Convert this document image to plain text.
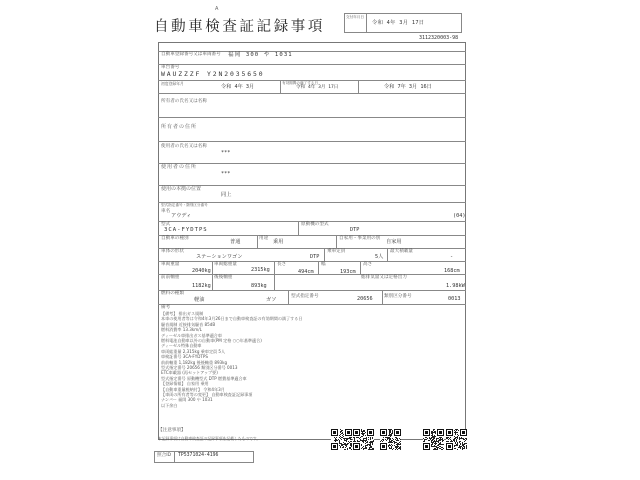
A
自動車検査証記録事項
交付年月日
令和 4年 3月 17日
3112320003-98
自動車登録番号又は車両番号 福岡 300 や 1031
車台番号
WAUZZZF Y2N2035650
初度登録年月
令和 4年 3月
有効期間の満了する日
令和 4年 3月 17日	令和 7年 3月 16日
所有者の氏名又は名称
所有者の住所
使用者の氏名又は名称
***
使用者の住所
***
使用の本拠の位置
同上
型式指定番号・類別区分番号
車名
アウディ	(04)
型式
3CA-FYDTPS
原動機の型式
DTP
自動車の種別
普通
用途
乗用
自家用・事業用の別
自家用
車体の形状
ステーションワゴン	DTP
乗車定員
5人
最大積載量
-
車両重量
2040kg
車両総重量
2315kg
長さ
494cm
幅
193cm
高さ
168cm
前前軸重
1182kg
後後軸重
893kg
総排気量又は定格出力
1.98kW
燃料の種類
軽油	ガソ
型式指定番号	20656 類別区分番号	0013
備考
【備考】 排出ガス規制
本車の使用者等は令和4年3月26日まで自動車検査証の有効期間の満了する日
騒音規制 近接排気騒音 85dB
燃料消費率 13.3km/L
ディーゼル車排出ガス基準適合車
燃料電池自動車以外の自動車(PM 定格 ○○年基準適合)
ディーゼル特殊自動車
車両総重量 2,315kg 乗車定員 5人
車検証番号 3CA-FYDTPS
前前軸重 1,182kg 後後軸重 893kg
型式指定番号 20656 類別区分番号 0013
ETC車載器 (再セットアップ要)
型式指定番号 原動機型式 DTP 燃費基準適合車
【登録情報】 自家用 乗用
【自動車重量税納付】 令和4年3月
【車両の所有者等の変更】 自動車検査証記録事項
ナンバー 福岡 300 や 1031
以下余白
【注意事項】
本記録事項は自動車検査証の記録事項を記載したものです。
照合ID TP5371024-4196
